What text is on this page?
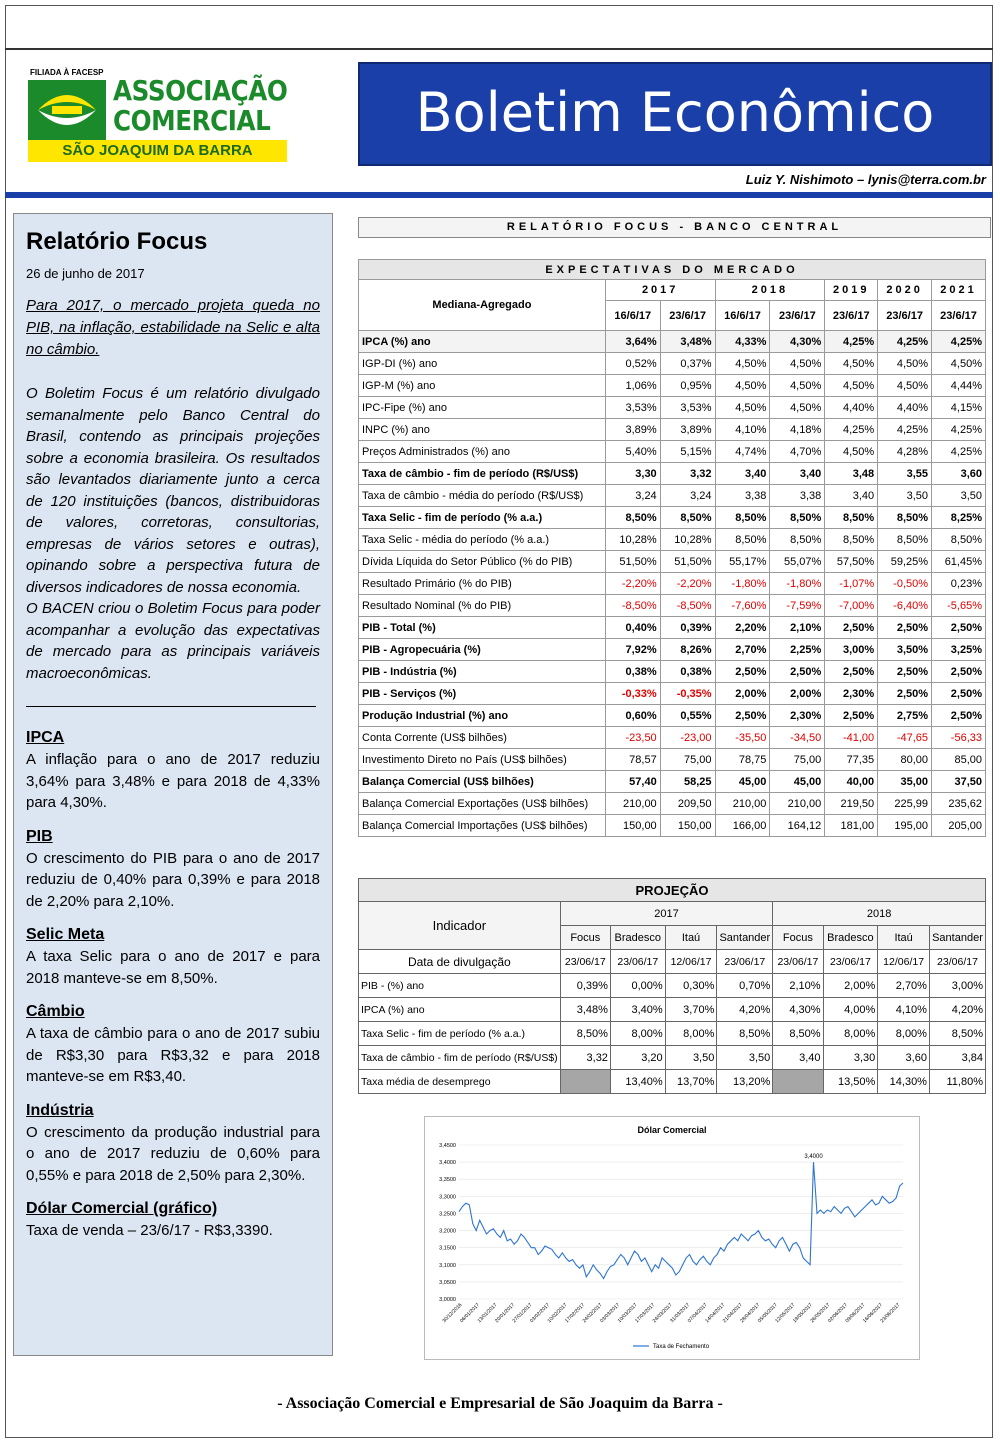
FILIADA À FACESP
ASSOCIAÇÃO
COMERCIAL
SÃO JOAQUIM DA BARRA
Boletim Econômico
Luiz Y. Nishimoto – lynis@terra.com.br
Relatório Focus
26 de junho de 2017
Para 2017, o mercado projeta queda no PIB, na inflação, estabilidade na Selic e alta no câmbio.
O Boletim Focus é um relatório divulgado semanalmente pelo Banco Central do Brasil, contendo as principais projeções sobre a economia brasileira. Os resultados são levantados diariamente junto a cerca de 120 instituições (bancos, distribuidoras de valores, corretoras, consultorias, empresas de vários setores e outras), opinando sobre a perspectiva futura de diversos indicadores de nossa economia.
O BACEN criou o Boletim Focus para poder acompanhar a evolução das expectativas de mercado para as principais variáveis macroeconômicas.
IPCA

A inflação para o ano de 2017 reduziu 3,64% para 3,48% e para 2018 de 4,33% para 4,30%.

PIB

O crescimento do PIB para o ano de 2017 reduziu de 0,40% para 0,39% e para 2018 de 2,20% para 2,10%.

Selic Meta

A taxa Selic para o ano de 2017 e para 2018 manteve-se em 8,50%.

Câmbio

A taxa de câmbio para o ano de 2017 subiu de R$3,30 para R$3,32 e para 2018 manteve-se em R$3,40.

Indústria

O crescimento da produção industrial para o ano de 2017 reduziu de 0,60% para 0,55% e para 2018 de 2,50% para 2,30%.

Dólar Comercial (gráfico)

Taxa de venda – 23/6/17 - R$3,3390.

RELATÓRIO FOCUS - BANCO CENTRAL
EXPECTATIVAS DO MERCADO							
Mediana-Agregado	2017		2018		2019	2020	2021
	16/6/17	23/6/17	16/6/17	23/6/17	23/6/17	23/6/17	23/6/17
IPCA (%) ano	3,64%	3,48%	4,33%	4,30%	4,25%	4,25%	4,25%
IGP-DI (%) ano	0,52%	0,37%	4,50%	4,50%	4,50%	4,50%	4,50%
IGP-M (%) ano	1,06%	0,95%	4,50%	4,50%	4,50%	4,50%	4,44%
IPC-Fipe (%) ano	3,53%	3,53%	4,50%	4,50%	4,40%	4,40%	4,15%
INPC (%) ano	3,89%	3,89%	4,10%	4,18%	4,25%	4,25%	4,25%
Preços Administrados (%) ano	5,40%	5,15%	4,74%	4,70%	4,50%	4,28%	4,25%
Taxa de câmbio - fim de período (R$/US$)	3,30	3,32	3,40	3,40	3,48	3,55	3,60
Taxa de câmbio - média do período (R$/US$)	3,24	3,24	3,38	3,38	3,40	3,50	3,50
Taxa Selic - fim de período (% a.a.)	8,50%	8,50%	8,50%	8,50%	8,50%	8,50%	8,25%
Taxa Selic - média do período (% a.a.)	10,28%	10,28%	8,50%	8,50%	8,50%	8,50%	8,50%
Dívida Líquida do Setor Público (% do PIB)	51,50%	51,50%	55,17%	55,07%	57,50%	59,25%	61,45%
Resultado Primário (% do PIB)	-2,20%	-2,20%	-1,80%	-1,80%	-1,07%	-0,50%	0,23%
Resultado Nominal (% do PIB)	-8,50%	-8,50%	-7,60%	-7,59%	-7,00%	-6,40%	-5,65%
PIB - Total (%)	0,40%	0,39%	2,20%	2,10%	2,50%	2,50%	2,50%
PIB - Agropecuária (%)	7,92%	8,26%	2,70%	2,25%	3,00%	3,50%	3,25%
PIB - Indústria (%)	0,38%	0,38%	2,50%	2,50%	2,50%	2,50%	2,50%
PIB - Serviços (%)	-0,33%	-0,35%	2,00%	2,00%	2,30%	2,50%	2,50%
Produção Industrial (%) ano	0,60%	0,55%	2,50%	2,30%	2,50%	2,75%	2,50%
Conta Corrente (US$ bilhões)	-23,50	-23,00	-35,50	-34,50	-41,00	-47,65	-56,33
Investimento Direto no País (US$ bilhões)	78,57	75,00	78,75	75,00	77,35	80,00	85,00
Balança Comercial (US$ bilhões)	57,40	58,25	45,00	45,00	40,00	35,00	37,50
Balança Comercial Exportações (US$ bilhões)	210,00	209,50	210,00	210,00	219,50	225,99	235,62
Balança Comercial Importações (US$ bilhões)	150,00	150,00	166,00	164,12	181,00	195,00	205,00
PROJEÇÃO								
Indicador	2017				2018			
	Focus	Bradesco	Itaú	Santander	Focus	Bradesco	Itaú	Santander
Data de divulgação	23/06/17	23/06/17	12/06/17	23/06/17	23/06/17	23/06/17	12/06/17	23/06/17
PIB - (%) ano	0,39%	0,00%	0,30%	0,70%	2,10%	2,00%	2,70%	3,00%
IPCA (%) ano	3,48%	3,40%	3,70%	4,20%	4,30%	4,00%	4,10%	4,20%
Taxa Selic - fim de período (% a.a.)	8,50%	8,00%	8,00%	8,50%	8,50%	8,00%	8,00%	8,50%
Taxa de câmbio - fim de período (R$/US$)	3,32	3,20	3,50	3,50	3,40	3,30	3,60	3,84
Taxa média de desemprego		13,40%	13,70%	13,20%		13,50%	14,30%	11,80%
Dólar Comercial
3,0000
3,0500
3,1000
3,1500
3,2000
3,2500
3,3000
3,3500
3,4000
3,4500
30/12/2016
06/01/2017
13/01/2017
20/01/2017
27/01/2017
03/02/2017
10/02/2017
17/02/2017
24/02/2017
03/03/2017
10/03/2017
17/03/2017
24/03/2017
31/03/2017
07/04/2017
14/04/2017
21/04/2017
28/04/2017
05/05/2017
12/05/2017
19/05/2017
26/05/2017
02/06/2017
09/06/2017
16/06/2017
23/06/2017
3,4000
Taxa de Fechamento
- Associação Comercial e Empresarial de São Joaquim da Barra -
